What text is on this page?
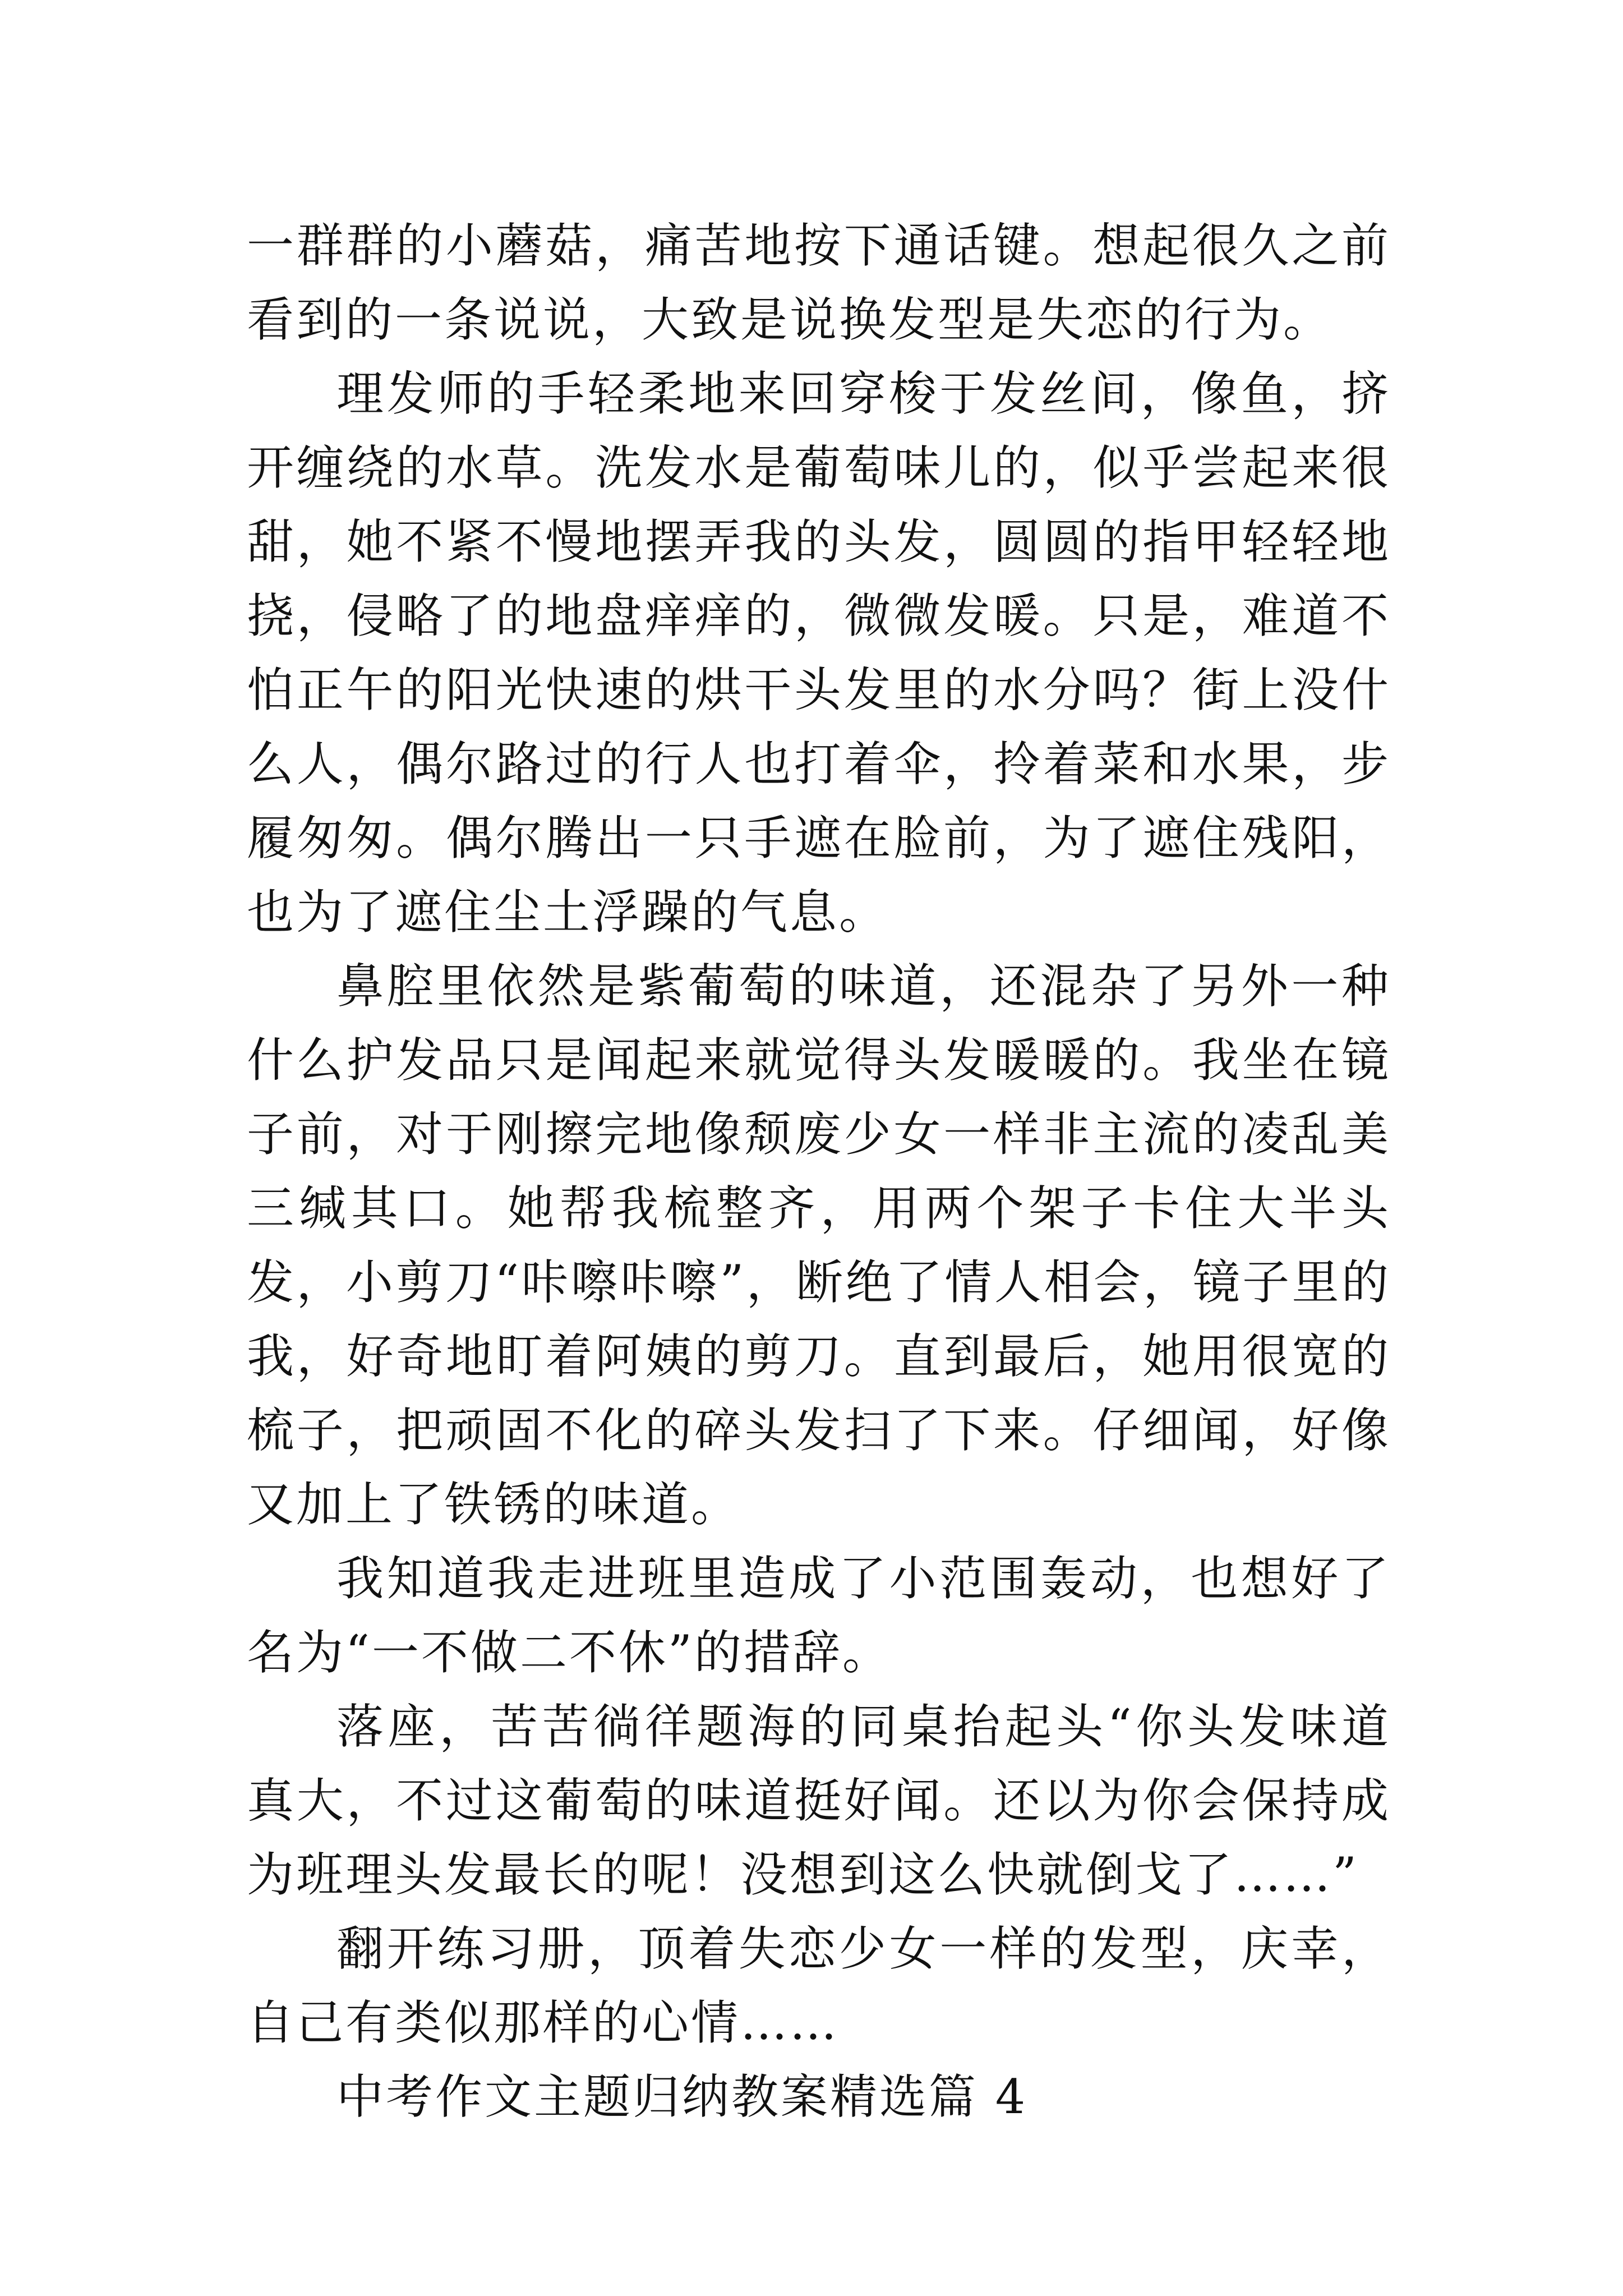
一群群的小蘑菇，痛苦地按下通话键。想起很久之前看到的一条说说，大致是说换发型是失恋的行为。

理发师的手轻柔地来回穿梭于发丝间，像鱼，挤开缠绕的水草。洗发水是葡萄味儿的，似乎尝起来很甜，她不紧不慢地摆弄我的头发，圆圆的指甲轻轻地挠，侵略了的地盘痒痒的，微微发暖。只是，难道不怕正午的阳光快速的烘干头发里的水分吗？街上没什么人，偶尔路过的行人也打着伞，拎着菜和水果，步履匆匆。偶尔腾出一只手遮在脸前，为了遮住残阳，也为了遮住尘土浮躁的气息。

鼻腔里依然是紫葡萄的味道，还混杂了另外一种什么护发品只是闻起来就觉得头发暖暖的。我坐在镜子前，对于刚擦完地像颓废少女一样非主流的凌乱美三缄其口。她帮我梳整齐，用两个架子卡住大半头发，小剪刀“咔嚓咔嚓”，断绝了情人相会，镜子里的我，好奇地盯着阿姨的剪刀。直到最后，她用很宽的梳子，把顽固不化的碎头发扫了下来。仔细闻，好像又加上了铁锈的味道。

我知道我走进班里造成了小范围轰动，也想好了名为“一不做二不休”的措辞。

落座，苦苦徜徉题海的同桌抬起头“你头发味道真大，不过这葡萄的味道挺好闻。还以为你会保持成为班理头发最长的呢！没想到这么快就倒戈了……”

翻开练习册，顶着失恋少女一样的发型，庆幸，自己有类似那样的心情……

中考作文主题归纳教案精选篇 4
